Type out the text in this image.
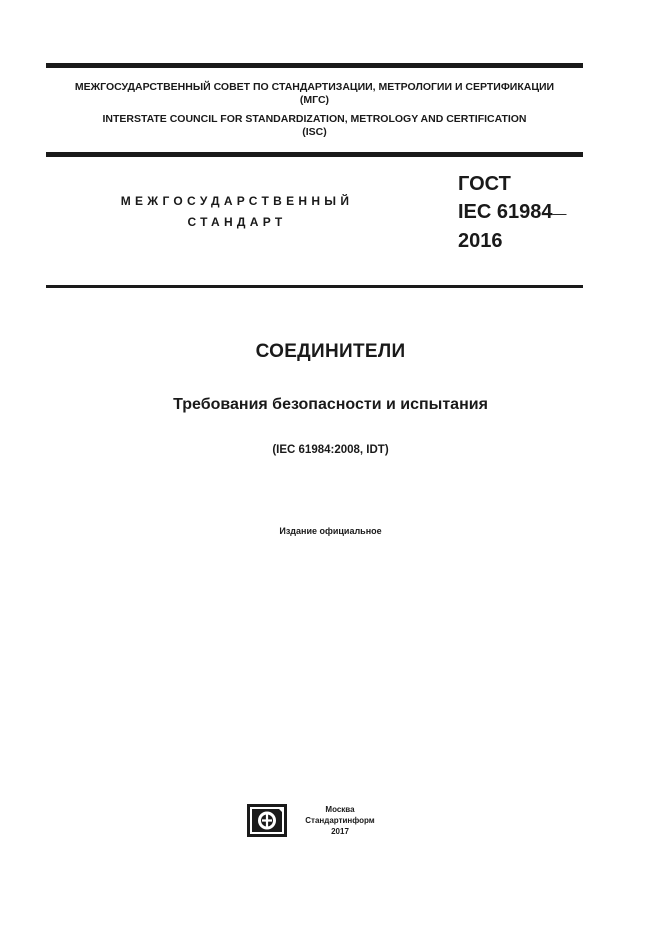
МЕЖГОСУДАРСТВЕННЫЙ СОВЕТ ПО СТАНДАРТИЗАЦИИ, МЕТРОЛОГИИ И СЕРТИФИКАЦИИ
(МГС)
INTERSTATE COUNCIL FOR STANDARDIZATION, METROLOGY AND CERTIFICATION
(ISC)
МЕЖГОСУДАРСТВЕННЫЙ
СТАНДАРТ
ГОСТ
IEC 61984—
2016
СОЕДИНИТЕЛИ
Требования безопасности и испытания
(IEC 61984:2008, IDT)
Издание официальное
Москва
Стандартинформ
2017
